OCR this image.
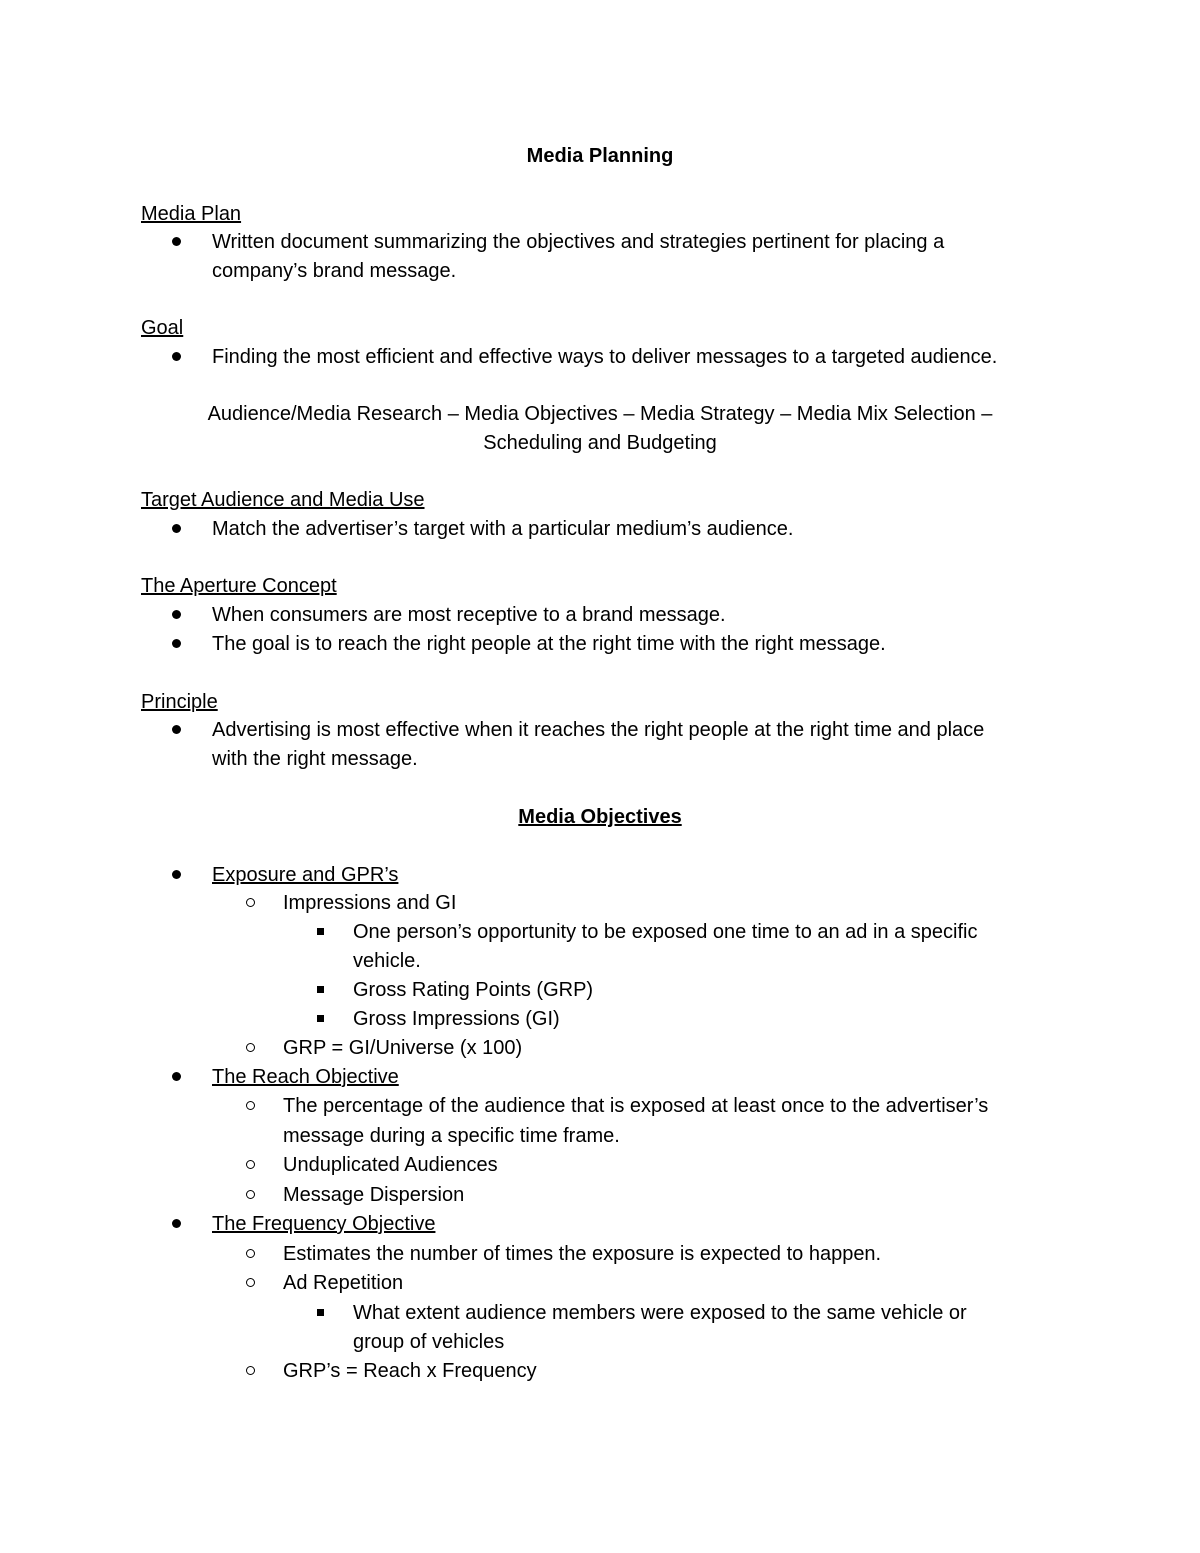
Media Planning
Media Plan
Written document summarizing the objectives and strategies pertinent for placing a
company’s brand message.
Goal
Finding the most efficient and effective ways to deliver messages to a targeted audience.
Audience/Media Research – Media Objectives – Media Strategy – Media Mix Selection –
Scheduling and Budgeting
Target Audience and Media Use
Match the advertiser’s target with a particular medium’s audience.
The Aperture Concept
When consumers are most receptive to a brand message.
The goal is to reach the right people at the right time with the right message.
Principle
Advertising is most effective when it reaches the right people at the right time and place
with the right message.
Media Objectives
Exposure and GPR’s
Impressions and GI
One person’s opportunity to be exposed one time to an ad in a specific
vehicle.
Gross Rating Points (GRP)
Gross Impressions (GI)
GRP = GI/Universe (x 100)
The Reach Objective
The percentage of the audience that is exposed at least once to the advertiser’s
message during a specific time frame.
Unduplicated Audiences
Message Dispersion
The Frequency Objective
Estimates the number of times the exposure is expected to happen.
Ad Repetition
What extent audience members were exposed to the same vehicle or
group of vehicles
GRP’s = Reach x Frequency
